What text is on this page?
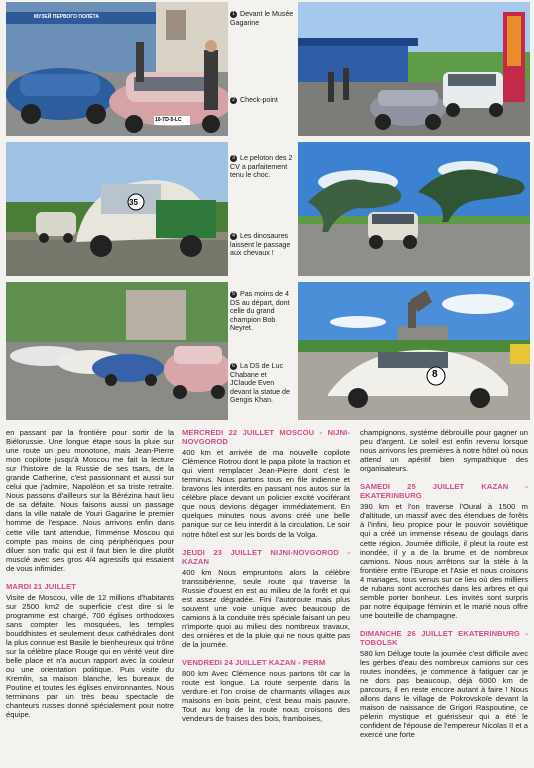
МУЗЕЙ ПЕРВОГО ПОЛЁТА
10-TD-5-LC
35
8
1 Devant le Musée Gagarine
2 Check-point
3 Le peloton des 2 CV a parfaitement tenu le choc.
4 Les dinosaures laissent le passage aux chevaux !
5 Pas moins de 4 DS au départ, dont celle du grand champion Bob Neyret.
6 La DS de Luc Chabane et JClaude Even devant la statue de Gengis Khan.

en passant par la frontière pour sortir de la Biélorussie. Une longue étape sous la pluie sur une route un peu monotone, mais Jean-Pierre mon copilote jusqu'à Moscou me fait la lecture sur l'histoire de la Russie de ses tsars, de la grande Catherine, c'est passionnant et aussi sur celui que j'admire, Napoléon et sa triste retraite. Nous passons d'ailleurs sur la Bérézina haut lieu de sa défaite. Nous faisons aussi un passage dans la ville natale de Youri Gagarine le premier homme de l'espace. Nous arrivons enfin dans cette ville tant attendue, l'immense Moscou qui compte pas moins de cinq périphériques pour diluer son trafic qui est il faut bien le dire plutôt musclé avec ses gros 4/4 agressifs qui essaient de vous infimider.

MARDI 21 JUILLET

Visite de Moscou, ville de 12 millions d'habitants sur 2500 km2 de superficie c'est dire si le programme est chargé, 700 églises orthodoxes sans compter les mosquées, les temples bouddhistes et seulement deux cathédrales dont la plus connue est Basile le bienheureux qui trône sur la célèbre place Rouge qui en vérité veut dire belle place et n'a aucun rapport avec la couleur ou une orientation politique. Puis visite du Kremlin, sa maison blanche, les bureaux de Poutine et toutes les églises environnantes. Nous terminons par un très beau spectacle de chanteurs russes donné spécialement pour notre équipe.

MERCREDI 22 JUILLET MOSCOU - NIJNI-NOVGOROD

400 km et arrivée de ma nouvelle copilote Clémence Rotrou dont le papa pilote la traction et qui vient remplacer Jean-Pierre dont c'est le terminus. Nous partons tous en file indienne et bravons les interdits en passant nos autos sur la célèbre place devant un policier excité vociférant que nous devions dégager immédiatement. En quelques minutes nous avons créé une belle panique sur ce lieu interdit à la circulation. Le soir notre hôtel est sur les bords de la Volga.

JEUDI 23 JUILLET NIJNI-NOVGOROD - KAZAN

400 km Nous empruntons alors la célèbre transsibérienne, seule route qui traverse la Russie d'ouest en est au milieu de la forêt et qui est assez dégradée. Fini l'autoroute mais plus souvent une voie unique avec beaucoup de camions à la conduite très spéciale faisant un peu n'importe quoi au milieu des nombreux travaux, des ornières et de la pluie qui ne nous quitte pas de la journée.

VENDREDI 24 JUILLET KAZAN - PERM

800 km Avec Clémence nous partons tôt car la route est longue. La route serpente dans la verdure et l'on croise de charmants villages aux maisons en bois peint, c'est beau mais pauvre. Tout au long de la route nous croisons des vendeurs de fraises des bois, framboises,

champignons, système débrouille pour gagner un peu d'argent. Le soleil est enfin revenu lorsque nous arrivons les premières à notre hôtel où nous attend un apéritif bien sympathique des organisateurs.

SAMEDI 25 JUILLET KAZAN - EKATERINBURG

390 km et l'on traverse l'Oural à 1500 m d'altitude, un massif avec des étendues de forêts à l'infini, lieu propice pour le pouvoir soviétique qui a créé un immense réseau de goulags dans cette région. Journée difficile, il pleut la route est inondée, il y a de la brume et de nombreux camions. Nous nous arrêtons sur la stèle à la frontière entre l'Europe et l'Asie et nous croisons 4 mariages, tous venus sur ce lieu où des milliers de rubans sont accrochés dans les arbres et qui semble porter bonheur. Les invités sont surpris par notre équipage féminin et le marié nous offre une bouteille de champagne.

DIMANCHE 26 JUILLET EKATERINBURG - TOBOLSK

580 km Déluge toute la journée c'est difficile avec les gerbes d'eau des nombreux camions sur ces routes inondées, je commence à fatiguer car je ne dors pas beaucoup, déjà 6000 km de parcours, il en reste encore autant à faire ! Nous allons dans le village de Pokrovskoïe devant la maison de naissance de Grigori Raspoutine, ce pèlerin mystique et guérisseur qui a été le confident de l'épouse de l'empereur Nicolas II et a exercé une forte
